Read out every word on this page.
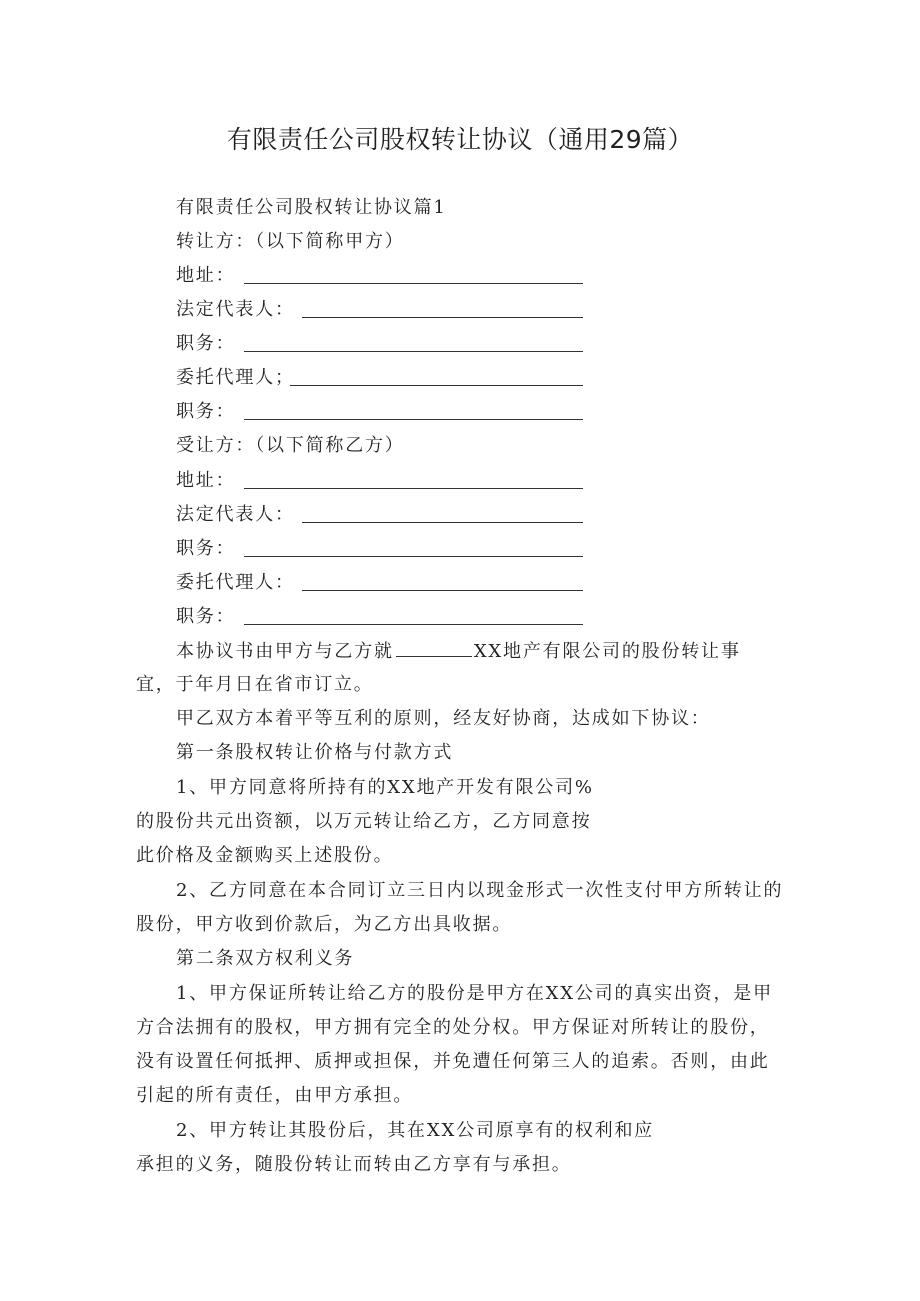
有限责任公司股权转让协议（通用29篇）
有限责任公司股权转让协议篇1
转让方：（以下简称甲方）
地址：
法定代表人：
职务：
委托代理人；
职务：
受让方：（以下简称乙方）
地址：
法定代表人：
职务：
委托代理人：
职务：
本协议书由甲方与乙方就	XX地产有限公司的股份转让事
宜，于年月日在省市订立。
甲乙双方本着平等互利的原则，经友好协商，达成如下协议：
第一条股权转让价格与付款方式
1、甲方同意将所持有的XX地产开发有限公司%
的股份共元出资额，以万元转让给乙方，乙方同意按
此价格及金额购买上述股份。
2、乙方同意在本合同订立三日内以现金形式一次性支付甲方所转让的
股份，甲方收到价款后，为乙方出具收据。
第二条双方权利义务
1、甲方保证所转让给乙方的股份是甲方在XX公司的真实出资，是甲
方合法拥有的股权，甲方拥有完全的处分权。甲方保证对所转让的股份，
没有设置任何抵押、质押或担保，并免遭任何第三人的追索。否则，由此
引起的所有责任，由甲方承担。
2、甲方转让其股份后，其在XX公司原享有的权利和应
承担的义务，随股份转让而转由乙方享有与承担。
